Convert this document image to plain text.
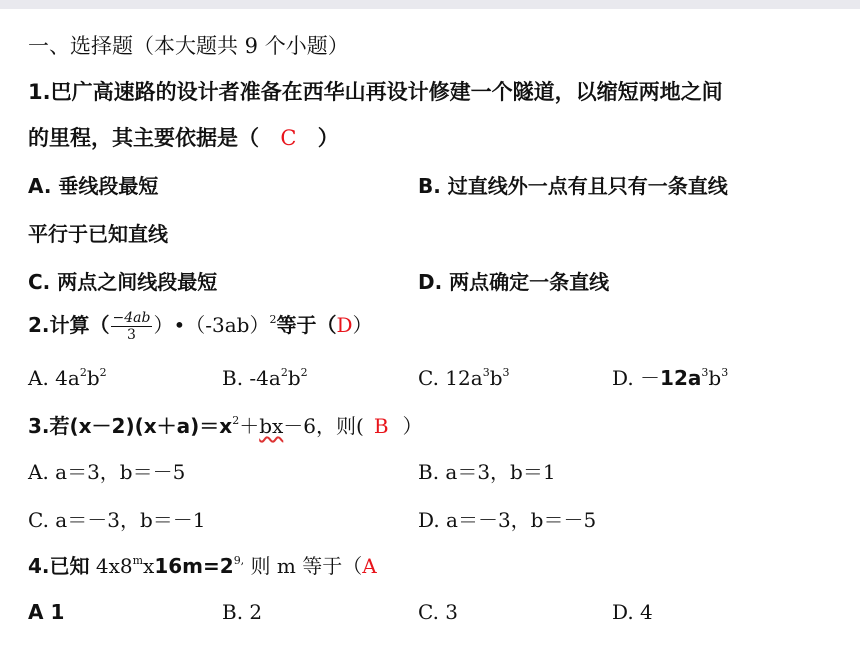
一、选择题（本大题共 9 个小题）
1.巴广高速路的设计者准备在西华山再设计修建一个隧道，以缩短两地之间
的里程，其主要依据是（ C ）
A. 垂线段最短	B. 过直线外一点有且只有一条直线
平行于已知直线
C. 两点之间线段最短	D. 两点确定一条直线
2.计算（ $\frac{-4ab}{3}$ ）$•(-3ab)^2$等于（D）
A. $4a^2b^2$	B. $-4a^2b^2$	C. $12a^3b^3$	D. $-12a^3b^3$
3.若$(x-2)(x+a)=x^2+bx-6$，则( B ）
A. a＝3，b＝－5	B. a＝3，b＝1
C. a＝－3，b＝－1	D. a＝－3，b＝－5
4.已知 $4x8^mx16m=2^{9,}$ 则 m 等于（A
A 1	B. 2	C. 3	D. 4
